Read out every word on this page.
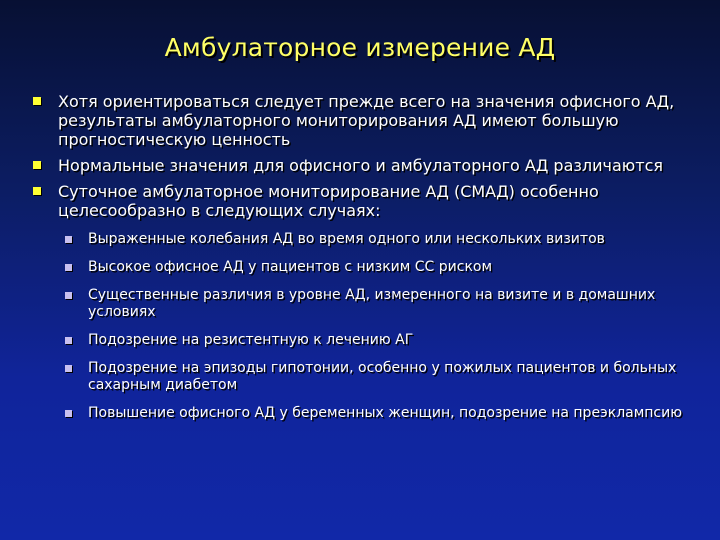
Амбулаторное измерение АД
Хотя ориентироваться следует прежде всего на значения офисного АД, результаты амбулаторного мониторирования АД имеют большую прогностическую ценность
Нормальные значения для офисного и амбулаторного АД различаются
Суточное амбулаторное мониторирование АД (СМАД) особенно целесообразно в следующих случаях:
Выраженные колебания АД во время одного или нескольких визитов
Высокое офисное АД у пациентов с низким СС риском
Существенные различия в уровне АД, измеренного на визите и в домашних условиях
Подозрение на резистентную к лечению АГ
Подозрение на эпизоды гипотонии, особенно у пожилых пациентов и больных сахарным диабетом
Повышение офисного АД у беременных женщин, подозрение на преэклампсию
